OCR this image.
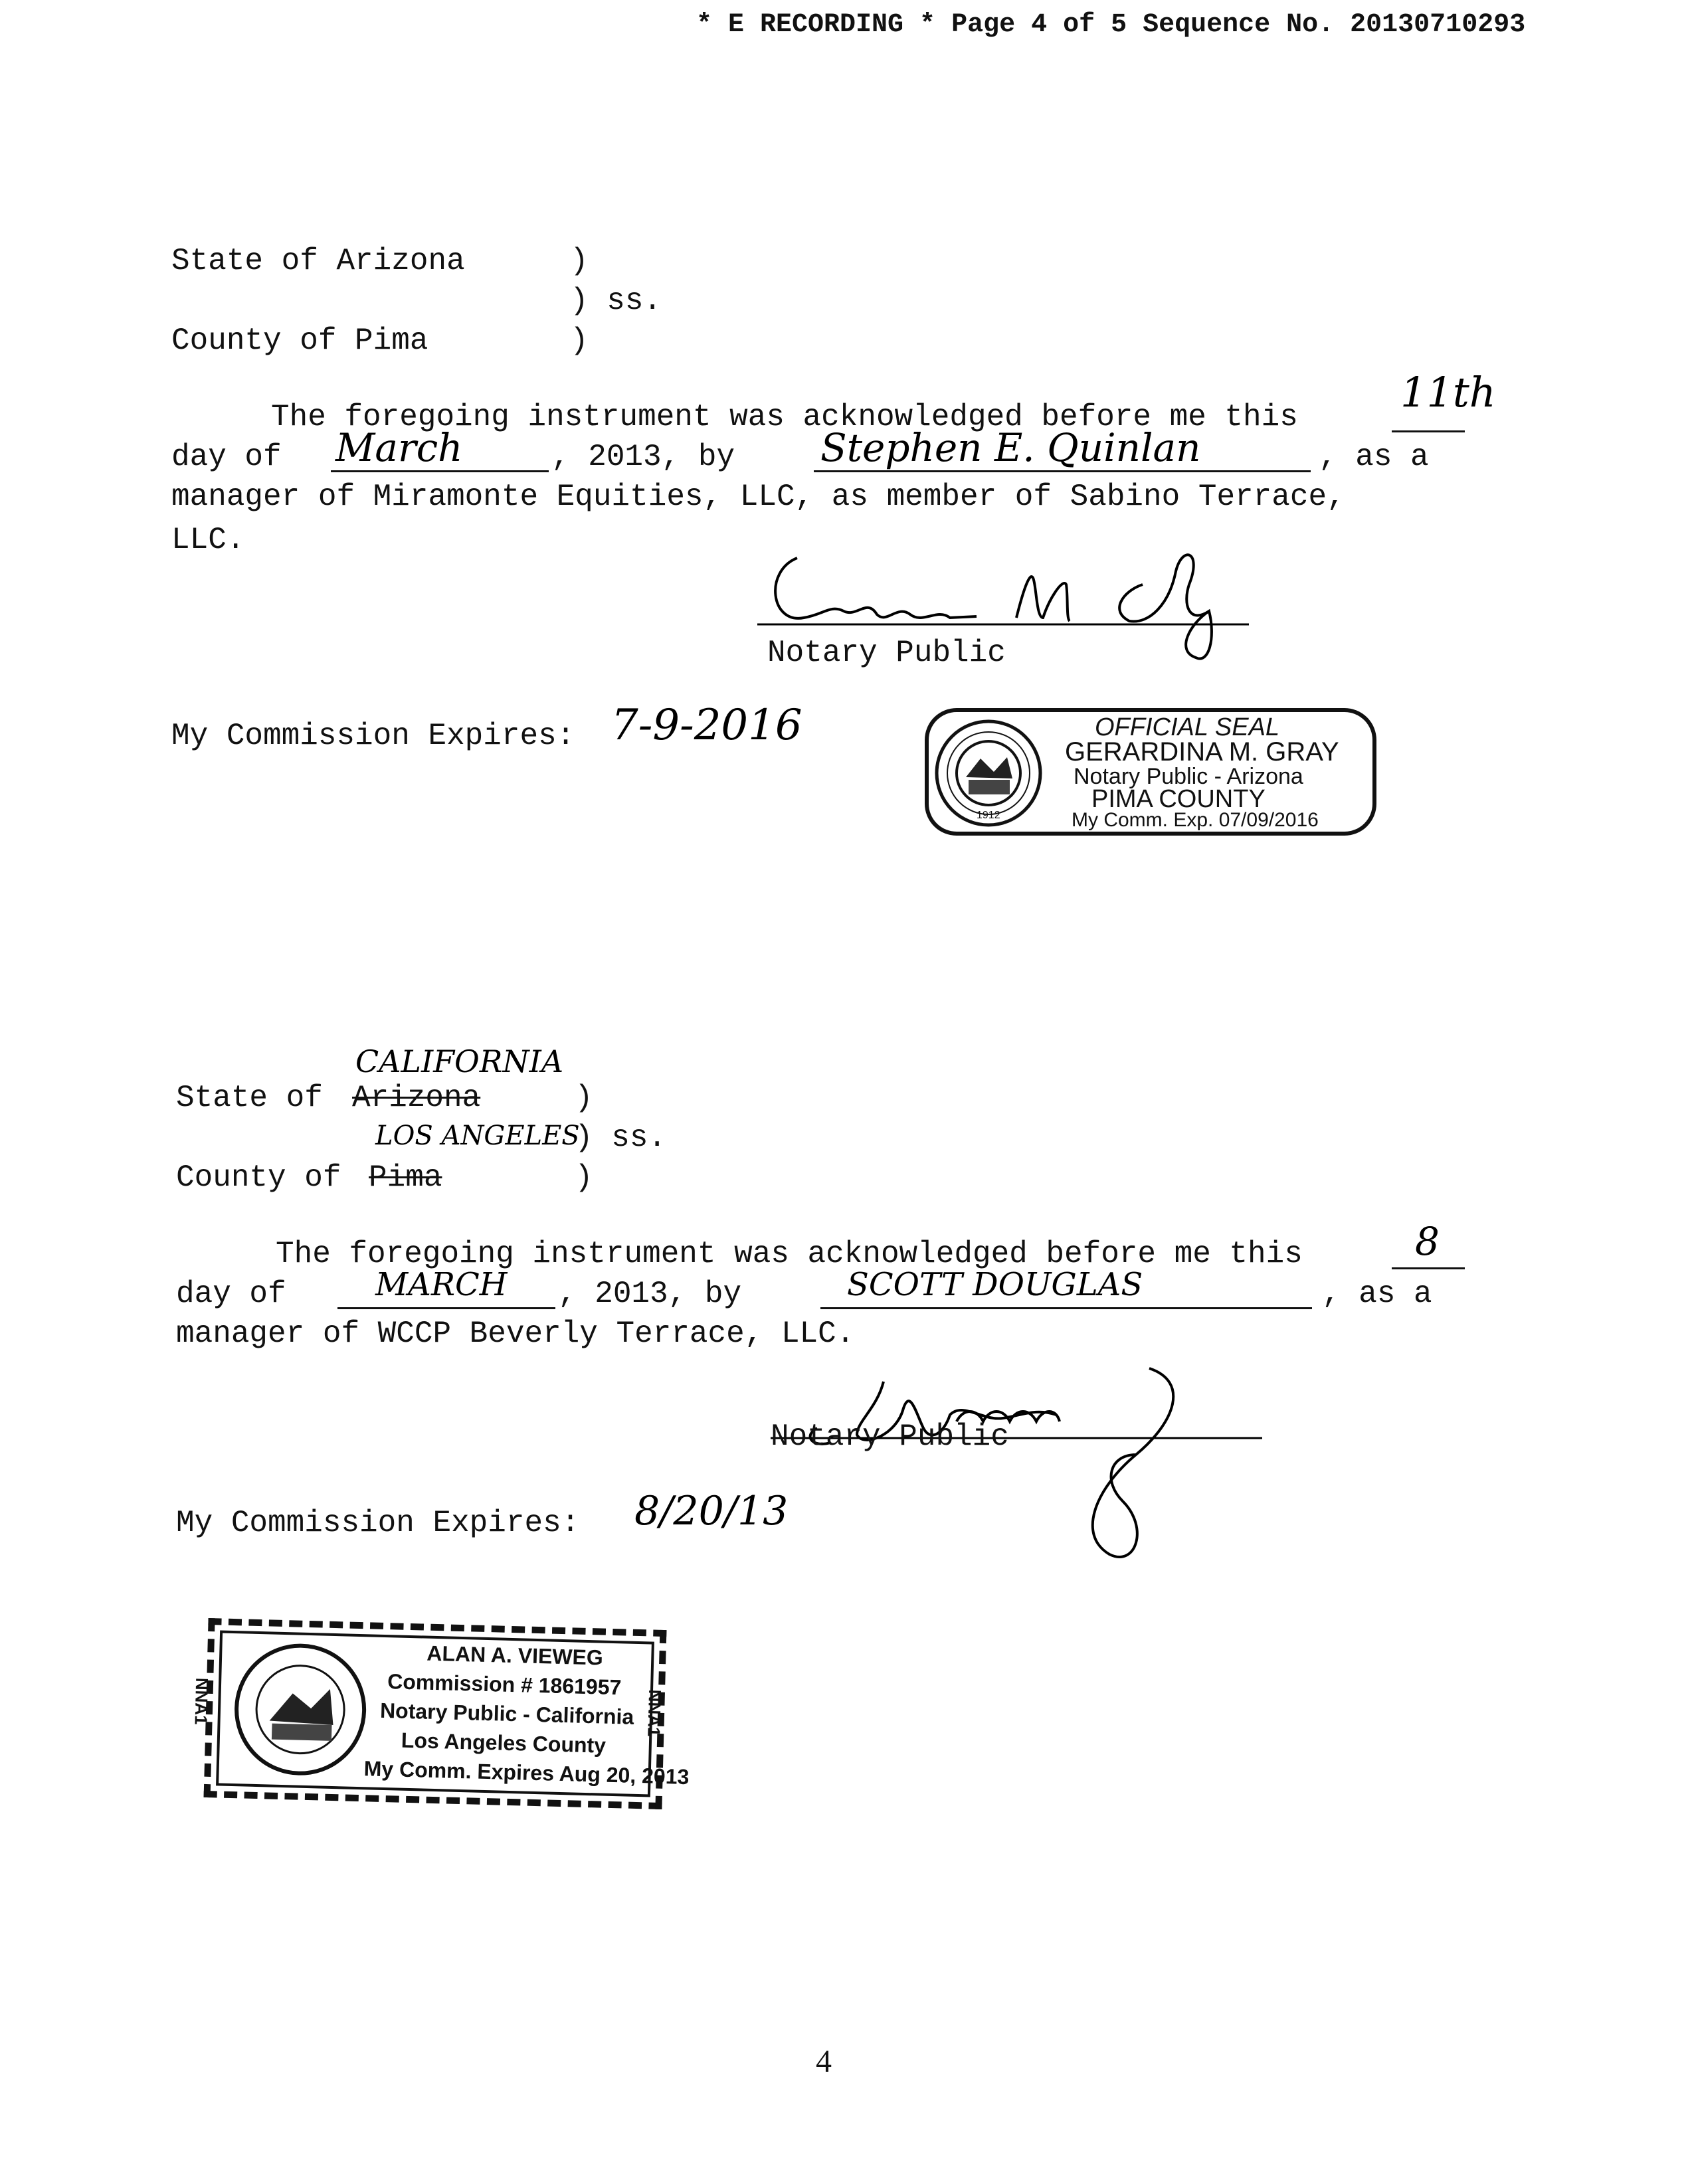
* E RECORDING * Page 4 of 5 Sequence No. 20130710293
State of Arizona	)
) ss.
County of Pima	)
The foregoing instrument was acknowledged before me this
11th
day of March	, 2013, by Stephen E. Quinlan	, as a
manager of Miramonte Equities, LLC, as member of Sabino Terrace,
LLC.
Notary Public
My Commission Expires: 7-9-2016	OFFICIAL SEAL
GERARDINA M. GRAY
Notary Public - Arizona
PIMA COUNTY
My Comm. Exp. 07/09/2016
1912
CALIFORNIA
State of Arizona	)
LOS ANGELES
) ss.
County of Pima	)
The foregoing instrument was acknowledged before me this	8
day of	MARCH , 2013, by	SCOTT DOUGLAS	, as a
manager of WCCP Beverly Terrace, LLC.
Notary Public
My Commission Expires: 8/20/13
NNA1
ALAN A. VIEWEG
Commission # 1861957
Notary Public - California
Los Angeles County
My Comm. Expires Aug 20, 2013
NNA1
4
